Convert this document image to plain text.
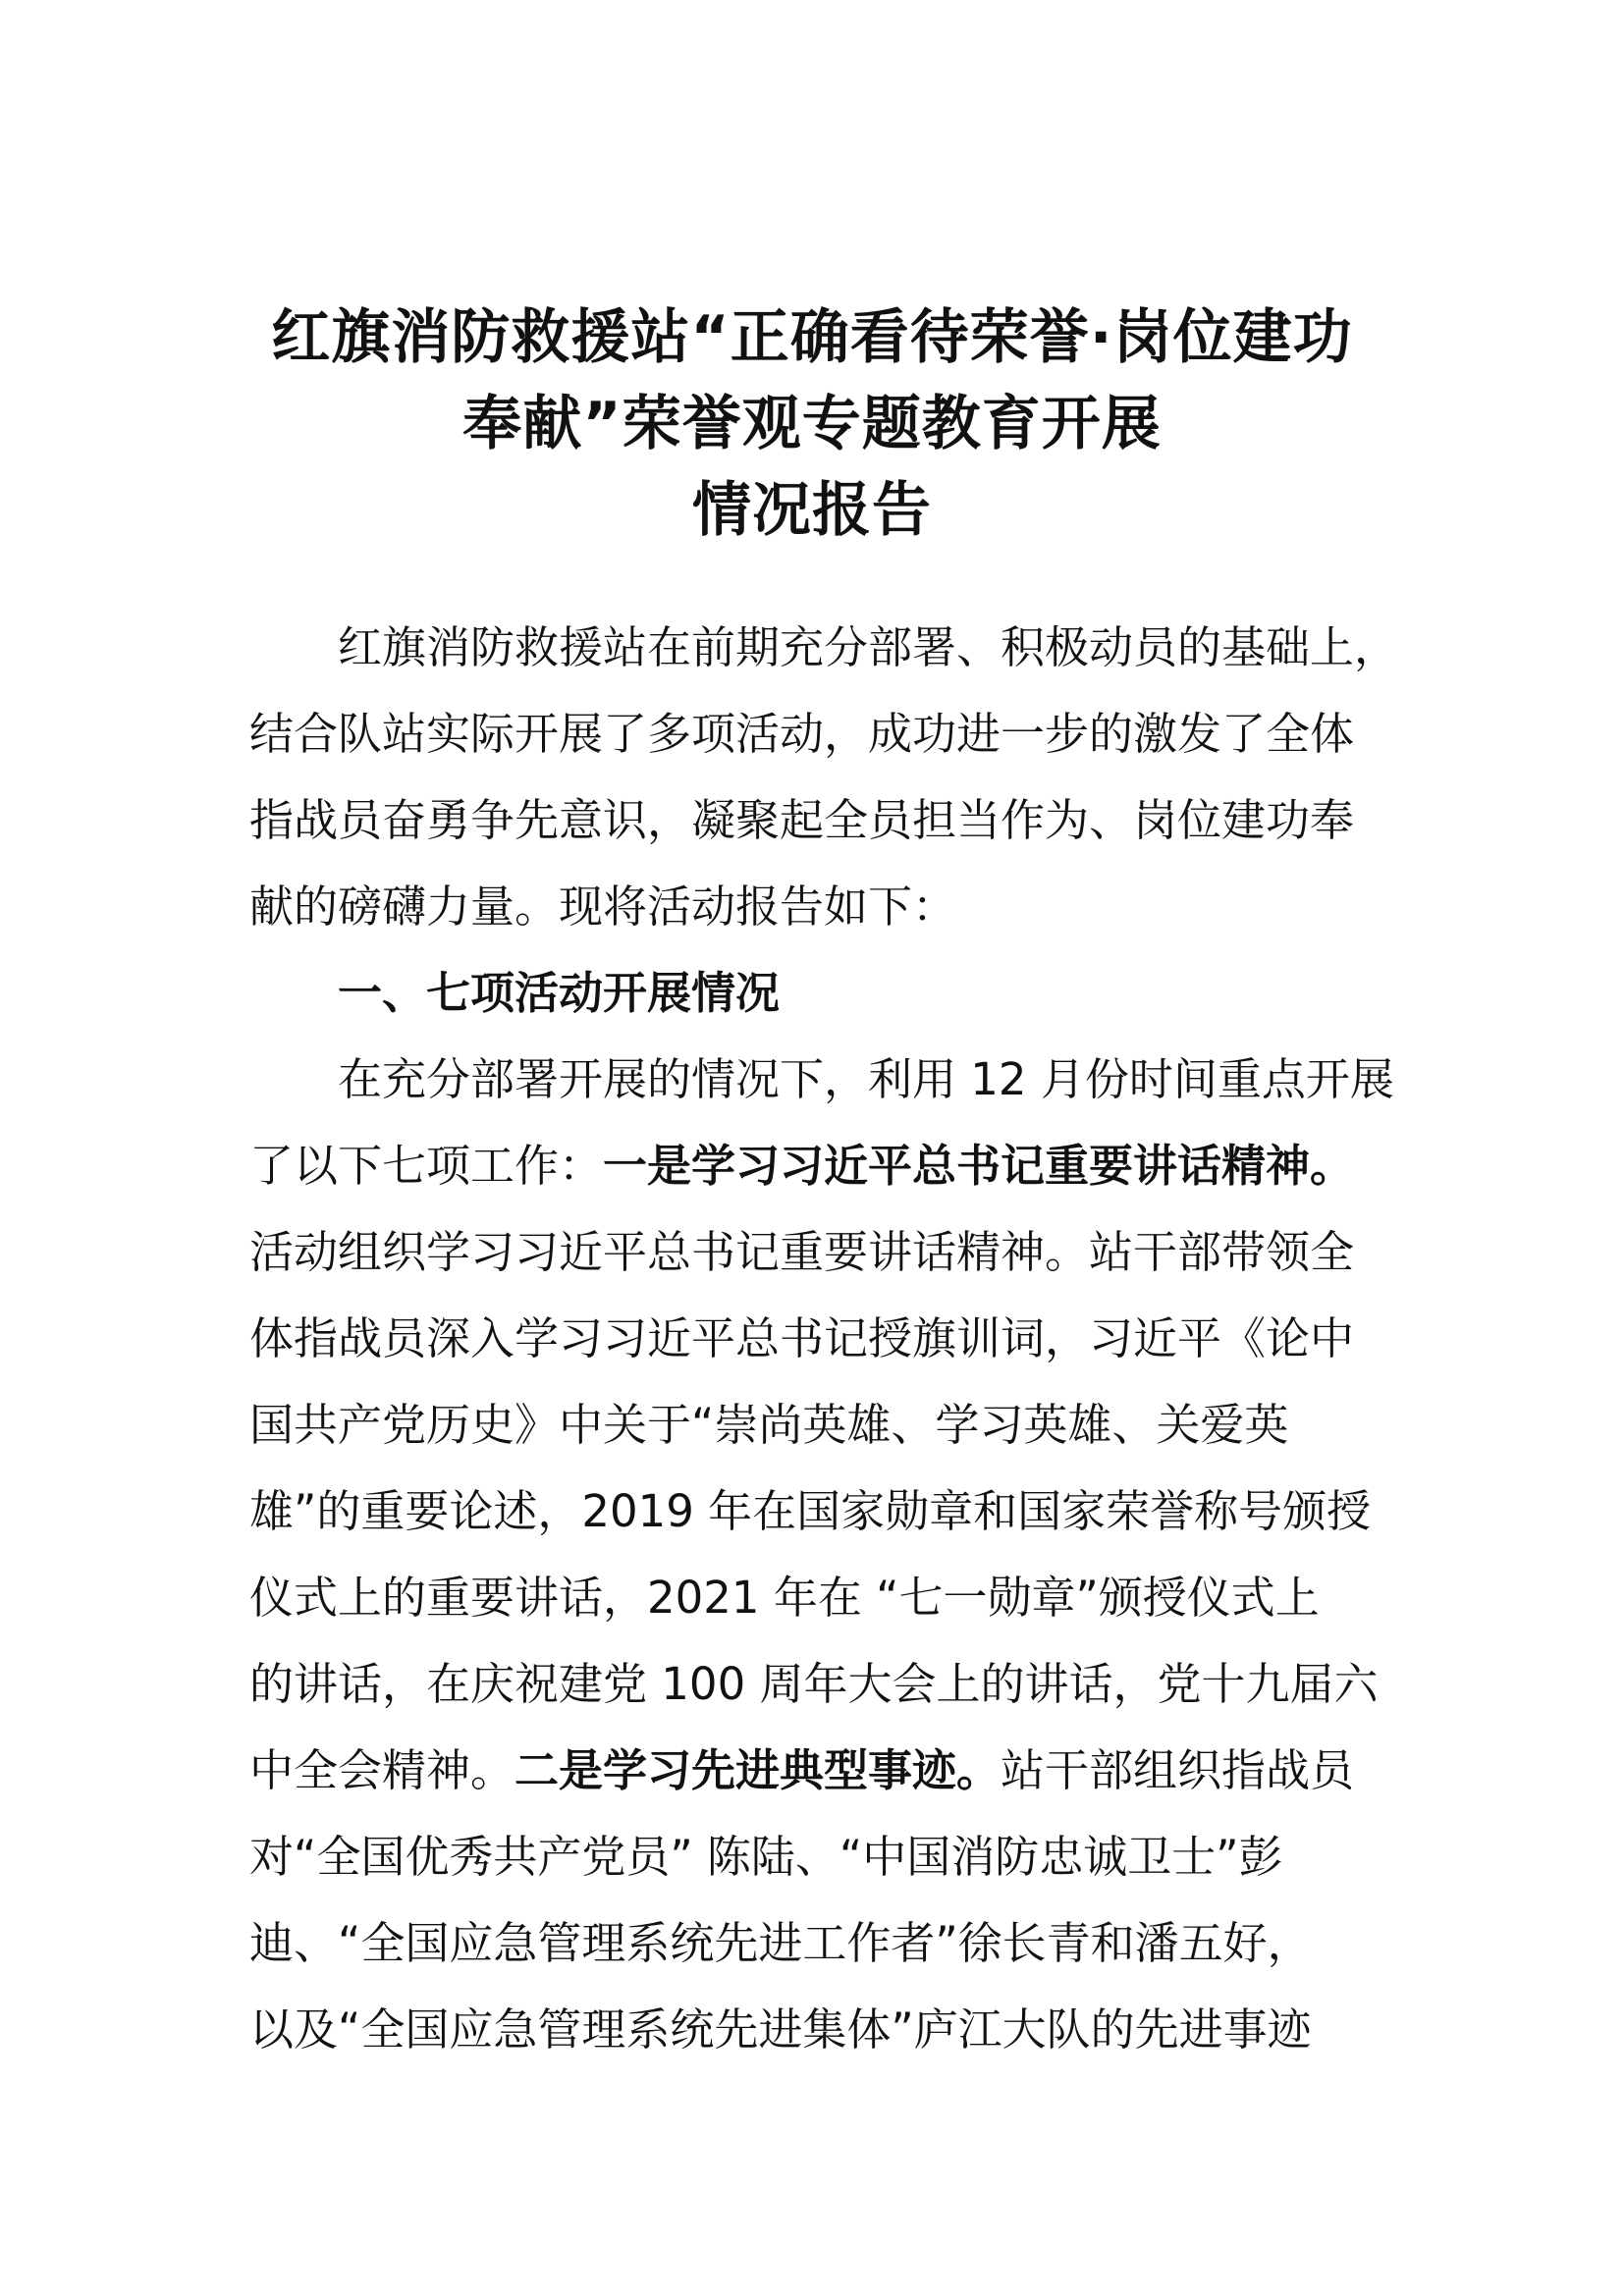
红旗消防救援站“正确看待荣誉·岗位建功
奉献”荣誉观专题教育开展
情况报告
红旗消防救援站在前期充分部署、积极动员的基础上，
结合队站实际开展了多项活动，成功进一步的激发了全体
指战员奋勇争先意识，凝聚起全员担当作为、岗位建功奉
献的磅礴力量。现将活动报告如下：
一、七项活动开展情况
在充分部署开展的情况下，利用 12 月份时间重点开展
了以下七项工作：一是学习习近平总书记重要讲话精神。
活动组织学习习近平总书记重要讲话精神。站干部带领全
体指战员深入学习习近平总书记授旗训词，习近平《论中
国共产党历史》中关于“崇尚英雄、学习英雄、关爱英
雄”的重要论述，2019 年在国家勋章和国家荣誉称号颁授
仪式上的重要讲话，2021 年在 “七一勋章”颁授仪式上
的讲话，在庆祝建党 100 周年大会上的讲话，党十九届六
中全会精神。二是学习先进典型事迹。站干部组织指战员
对“全国优秀共产党员” 陈陆、“中国消防忠诚卫士”彭
迪、“全国应急管理系统先进工作者”徐长青和潘五好，
以及“全国应急管理系统先进集体”庐江大队的先进事迹
